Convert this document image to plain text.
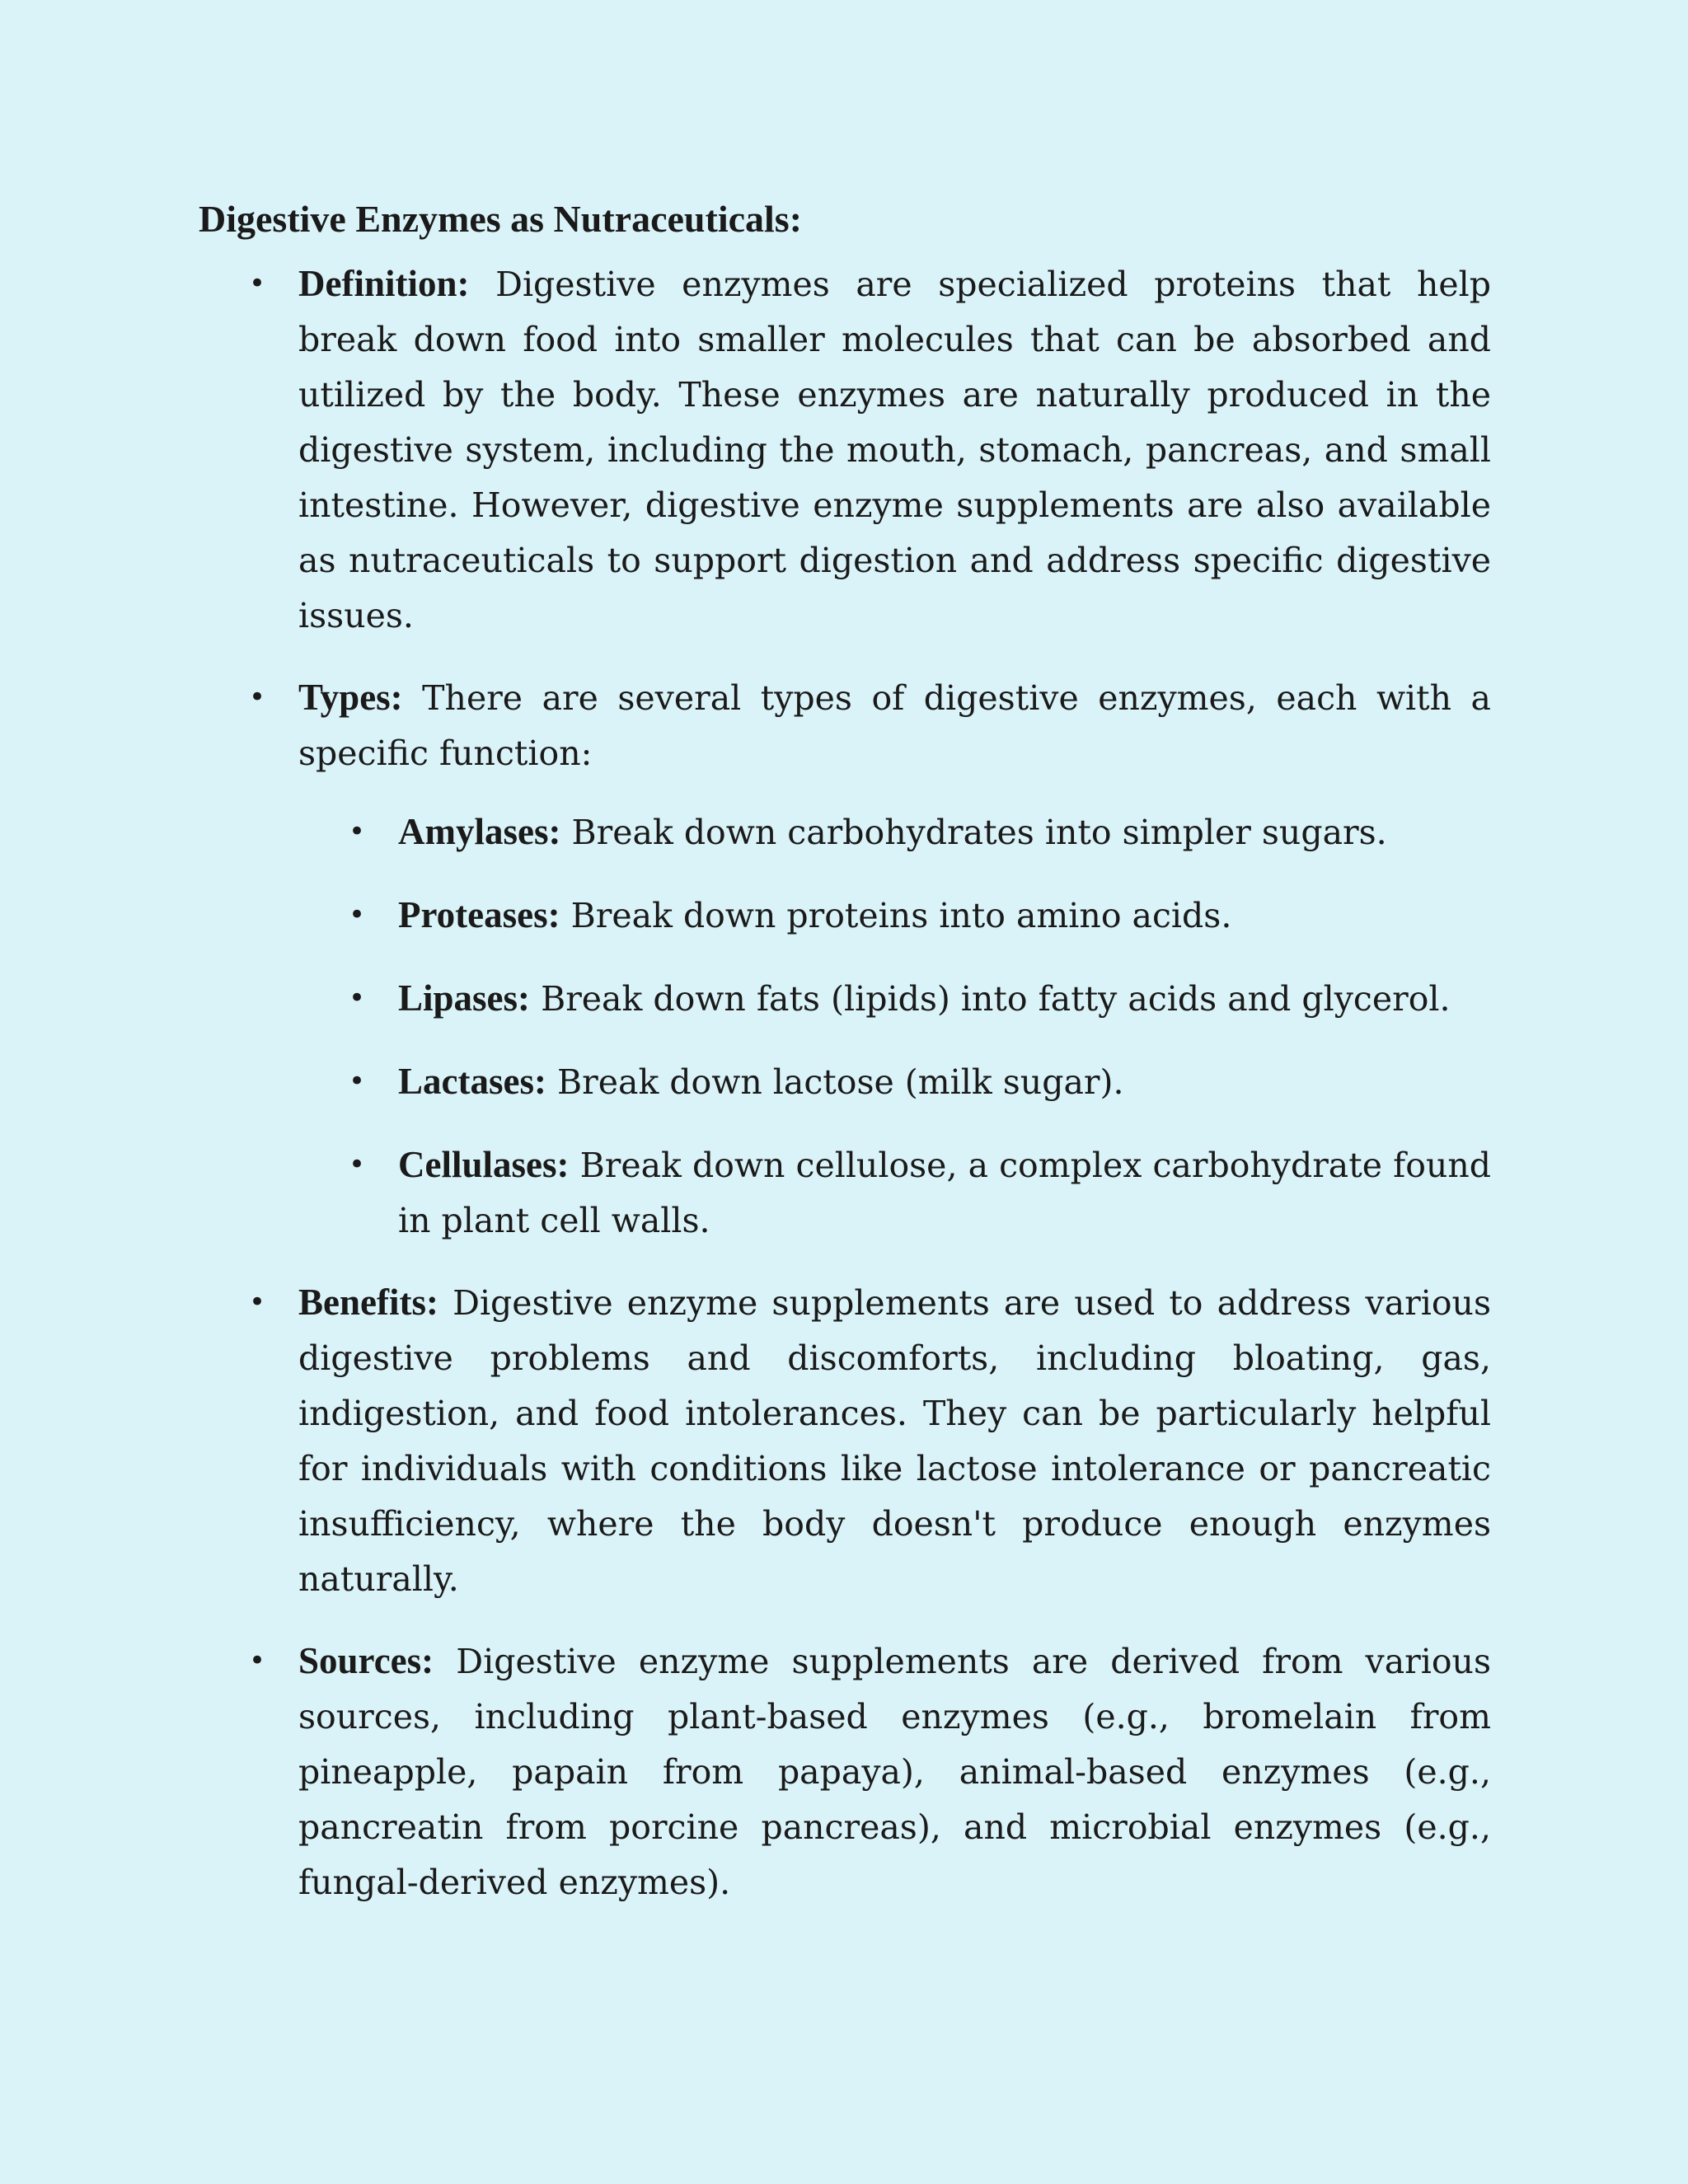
Digestive Enzymes as Nutraceuticals:
• Definition: Digestive enzymes are specialized proteins that help break down food into smaller molecules that can be absorbed and utilized by the body. These enzymes are naturally produced in the digestive system, including the mouth, stomach, pancreas, and small intestine. However, digestive enzyme supplements are also available as nutraceuticals to support digestion and address specific digestive issues.
• Types: There are several types of digestive enzymes, each with a specific function:
• Amylases: Break down carbohydrates into simpler sugars.
• Proteases: Break down proteins into amino acids.
• Lipases: Break down fats (lipids) into fatty acids and glycerol.
• Lactases: Break down lactose (milk sugar).
• Cellulases: Break down cellulose, a complex carbohydrate found in plant cell walls.
• Benefits: Digestive enzyme supplements are used to address various digestive problems and discomforts, including bloating, gas, indigestion, and food intolerances. They can be particularly helpful for individuals with conditions like lactose intolerance or pancreatic insufficiency, where the body doesn't produce enough enzymes naturally.
• Sources: Digestive enzyme supplements are derived from various sources, including plant-based enzymes (e.g., bromelain from pineapple, papain from papaya), animal-based enzymes (e.g., pancreatin from porcine pancreas), and microbial enzymes (e.g., fungal-derived enzymes).
